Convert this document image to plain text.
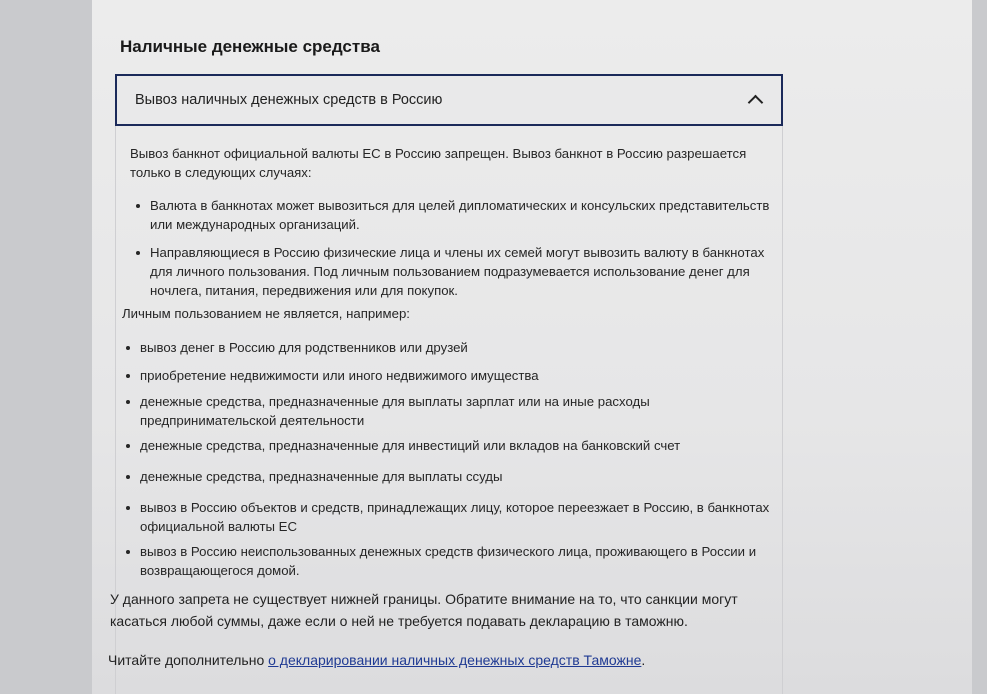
Наличные денежные средства
Вывоз наличных денежных средств в Россию

Вывоз банкнот официальной валюты ЕС в Россию запрещен. Вывоз банкнот в Россию разрешается только в следующих случаях:

Валюта в банкнотах может вывозиться для целей дипломатических и консульских представительств или международных организаций.
Направляющиеся в Россию физические лица и члены их семей могут вывозить валюту в банкнотах для личного пользования. Под личным пользованием подразумевается использование денег для ночлега, питания, передвижения или для покупок.

Личным пользованием не является, например:

вывоз денег в Россию для родственников или друзей
приобретение недвижимости или иного недвижимого имущества
денежные средства, предназначенные для выплаты зарплат или на иные расходы предпринимательской деятельности
денежные средства, предназначенные для инвестиций или вкладов на банковский счет
денежные средства, предназначенные для выплаты ссуды
вывоз в Россию объектов и средств, принадлежащих лицу, которое переезжает в Россию, в банкнотах официальной валюты ЕС
вывоз в Россию неиспользованных денежных средств физического лица, проживающего в России и возвращающегося домой.

У данного запрета не существует нижней границы. Обратите внимание на то, что санкции могут касаться любой суммы, даже если о ней не требуется подавать декларацию в таможню.

Читайте дополнительно о декларировании наличных денежных средств Таможне.
